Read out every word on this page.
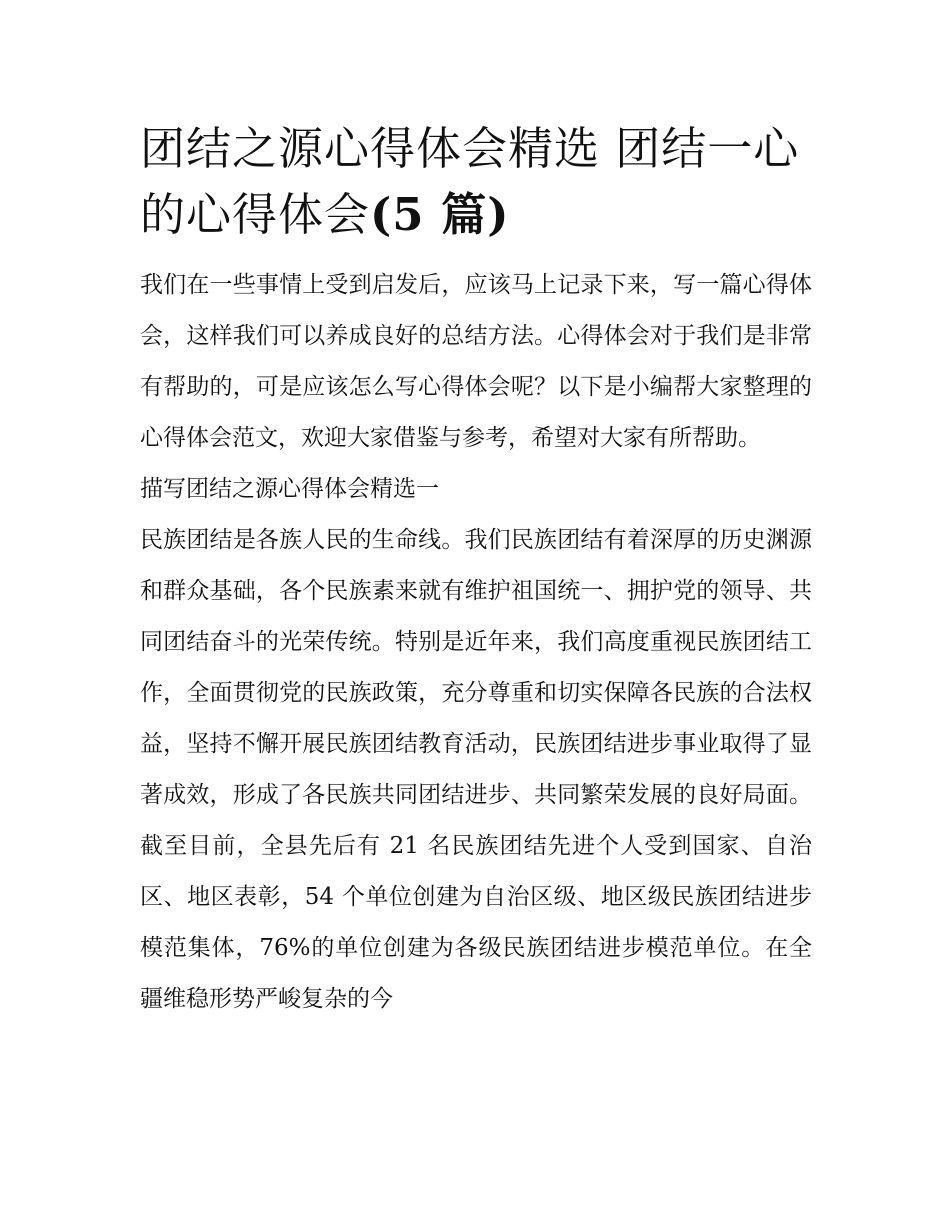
团结之源心得体会精选 团结一心的心得体会(5 篇)

我们在一些事情上受到启发后，应该马上记录下来，写一篇心得体会，这样我们可以养成良好的总结方法。心得体会对于我们是非常有帮助的，可是应该怎么写心得体会呢？以下是小编帮大家整理的心得体会范文，欢迎大家借鉴与参考，希望对大家有所帮助。

描写团结之源心得体会精选一

民族团结是各族人民的生命线。我们民族团结有着深厚的历史渊源和群众基础，各个民族素来就有维护祖国统一、拥护党的领导、共同团结奋斗的光荣传统。特别是近年来，我们高度重视民族团结工作，全面贯彻党的民族政策，充分尊重和切实保障各民族的合法权益，坚持不懈开展民族团结教育活动，民族团结进步事业取得了显著成效，形成了各民族共同团结进步、共同繁荣发展的良好局面。截至目前，全县先后有 21 名民族团结先进个人受到国家、自治区、地区表彰，54 个单位创建为自治区级、地区级民族团结进步模范集体，76%的单位创建为各级民族团结进步模范单位。在全疆维稳形势严峻复杂的今
